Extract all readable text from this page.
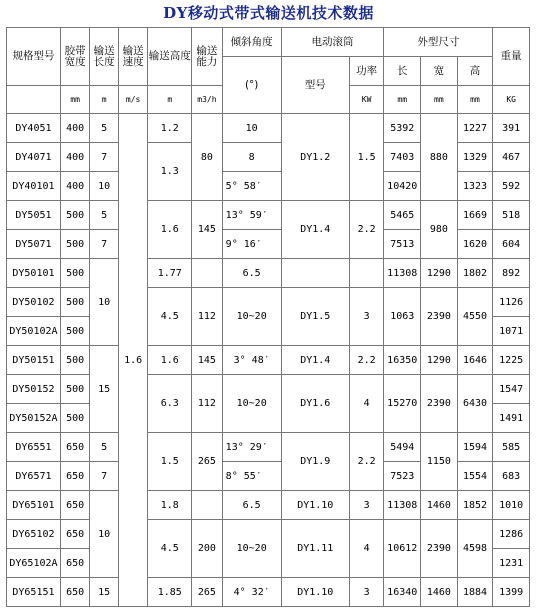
DY移动式带式输送机技术数据
规格型号	胶带宽度	输送长度	输送速度	输送高度	输送能力	倾斜角度	电动滚筒		外型尺寸			重量
						(°)	型号	功率	长	宽	高	
	mm	m	m/s	m	m3/h			KW	mm	mm	mm	KG
DY4051	400	5	1.6	1.2	80	10	DY1.2	1.5	5392	880	1227	391
DY4071	400	7		1.3		8			7403		1329	467
DY40101	400	10				5° 58′			10420		1323	592
DY5051	500	5		1.6	145	13° 59′	DY1.4	2.2	5465	980	1669	518
DY5071	500	7				9° 16′			7513		1620	604
DY50101	500	10		1.77		6.5			11308	1290	1802	892
DY50102	500			4.5	112	10~20	DY1.5	3	1063	2390	4550	1126
DY50102A	500											1071
DY50151	500	15		1.6	145	3° 48′	DY1.4	2.2	16350	1290	1646	1225
DY50152	500			6.3	112	10~20	DY1.6	4	15270	2390	6430	1547
DY50152A	500											1491
DY6551	650	5		1.5	265	13° 29′	DY1.9	2.2	5494	1150	1594	585
DY6571	650	7				8° 55′			7523		1554	683
DY65101	650	10		1.8		6.5	DY1.10	3	11308	1460	1852	1010
DY65102	650			4.5	200	10~20	DY1.11	4	10612	2390	4598	1286
DY65102A	650											1231
DY65151	650	15		1.85	265	4° 32′	DY1.10	3	16340	1460	1884	1399
